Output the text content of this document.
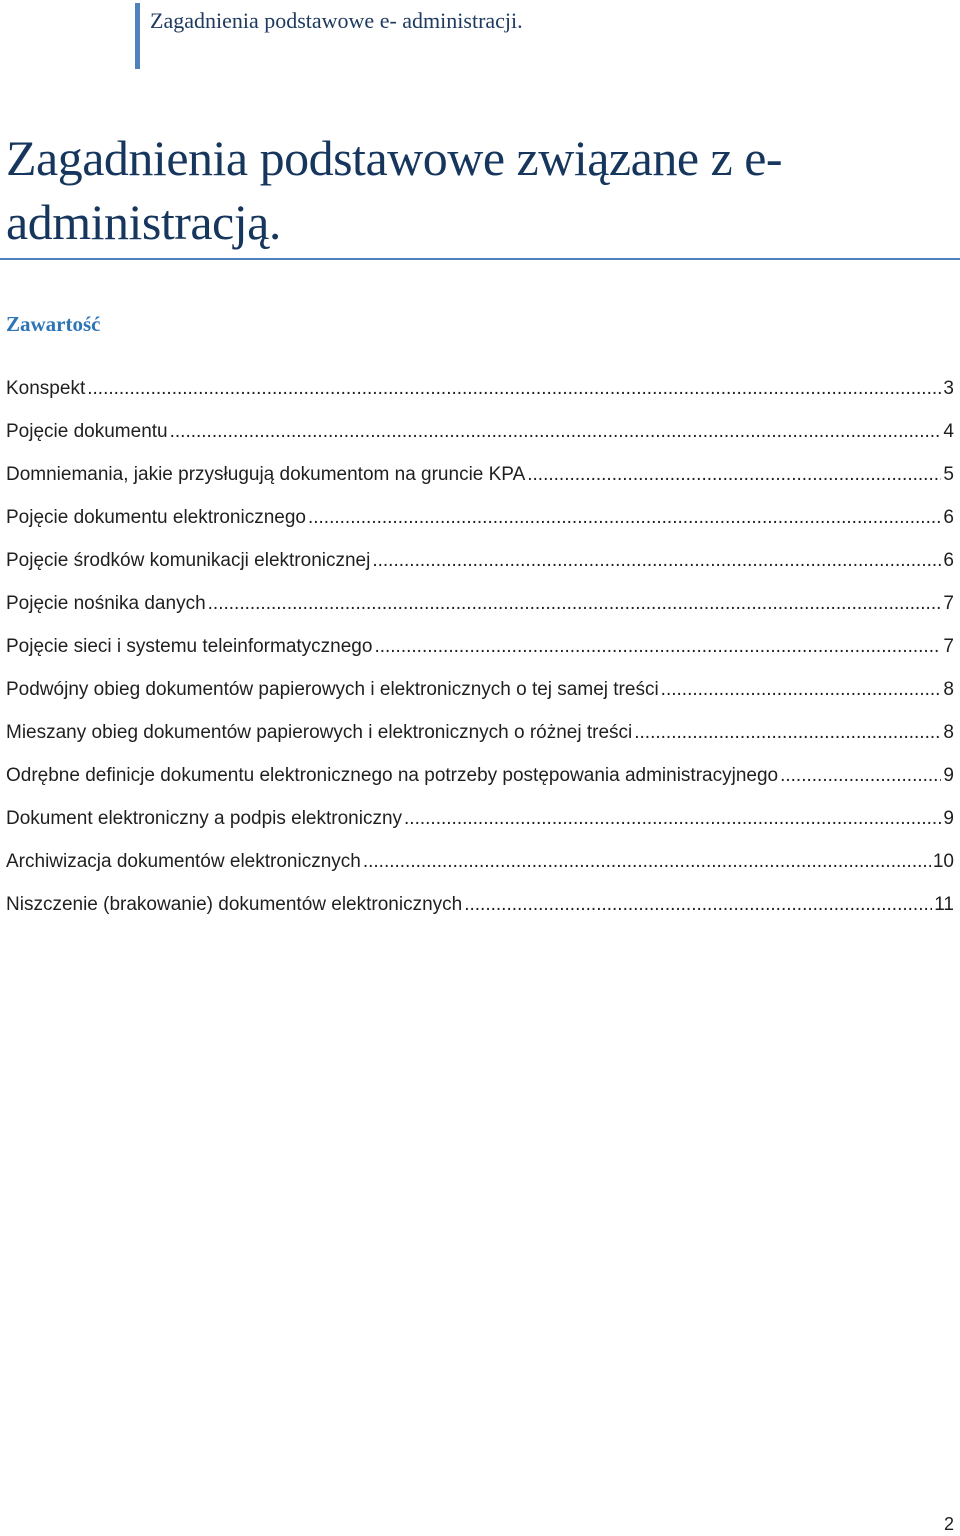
Zagadnienia podstawowe e- administracji.
Zagadnienia podstawowe związane z e-administracją.
Zawartość
Konspekt .....	3
Pojęcie dokumentu .....	4
Domniemania, jakie przysługują dokumentom na gruncie KPA .....	5
Pojęcie dokumentu elektronicznego .....	6
Pojęcie środków komunikacji elektronicznej .....	6
Pojęcie nośnika danych .....	7
Pojęcie sieci i systemu teleinformatycznego .....	7
Podwójny obieg dokumentów papierowych i elektronicznych o tej samej treści .....	8
Mieszany obieg dokumentów papierowych i elektronicznych o różnej treści .....	8
Odrębne definicje dokumentu elektronicznego na potrzeby postępowania administracyjnego .....	9
Dokument elektroniczny a podpis elektroniczny .....	9
Archiwizacja dokumentów elektronicznych .....	10
Niszczenie (brakowanie) dokumentów elektronicznych .....	11
2
